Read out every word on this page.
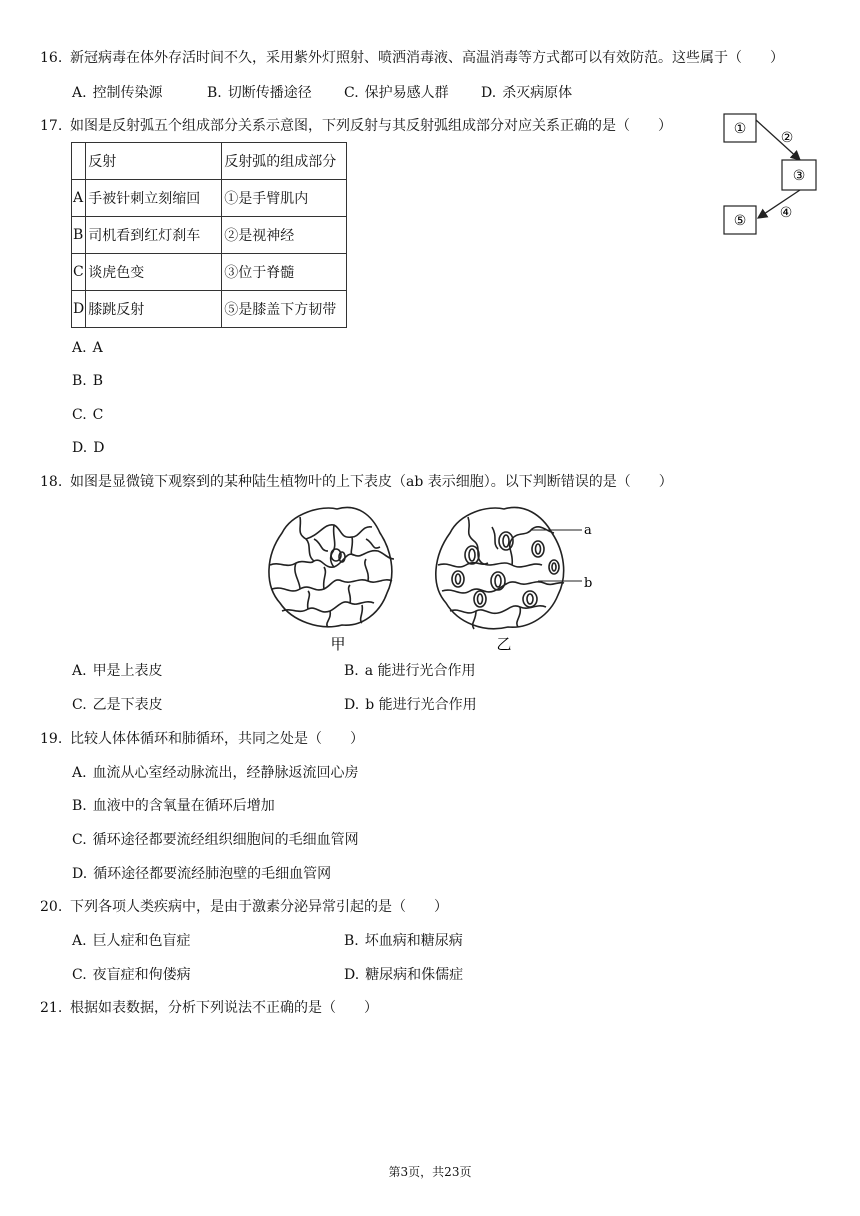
16. 新冠病毒在体外存活时间不久，采用紫外灯照射、喷洒消毒液、高温消毒等方式都可以有效防范。这些属于（　　）
A. 控制传染源	B. 切断传播途径 C. 保护易感人群 D. 杀灭病原体
17. 如图是反射弧五个组成部分关系示意图，下列反射与其反射弧组成部分对应关系正确的是（　　）
	反射	反射弧的组成部分
A	手被针刺立刻缩回	①是手臂肌内
B	司机看到红灯刹车	②是视神经
C	谈虎色变	③位于脊髓
D	膝跳反射	⑤是膝盖下方韧带
①
②
③
④
⑤
A. A
B. B
C. C
D. D
18. 如图是显微镜下观察到的某种陆生植物叶的上下表皮（ab 表示细胞）。以下判断错误的是（　　）
a
b
甲	乙
A. 甲是上表皮	B. a 能进行光合作用
C. 乙是下表皮	D. b 能进行光合作用
19. 比较人体体循环和肺循环，共同之处是（　　）
A. 血流从心室经动脉流出，经静脉返流回心房
B. 血液中的含氧量在循环后增加
C. 循环途径都要流经组织细胞间的毛细血管网
D. 循环途径都要流经肺泡壁的毛细血管网
20. 下列各项人类疾病中，是由于激素分泌异常引起的是（　　）
A. 巨人症和色盲症	B. 坏血病和糖尿病
C. 夜盲症和佝偻病	D. 糖尿病和侏儒症
21. 根据如表数据，分析下列说法不正确的是（　　）
第3页，共23页
